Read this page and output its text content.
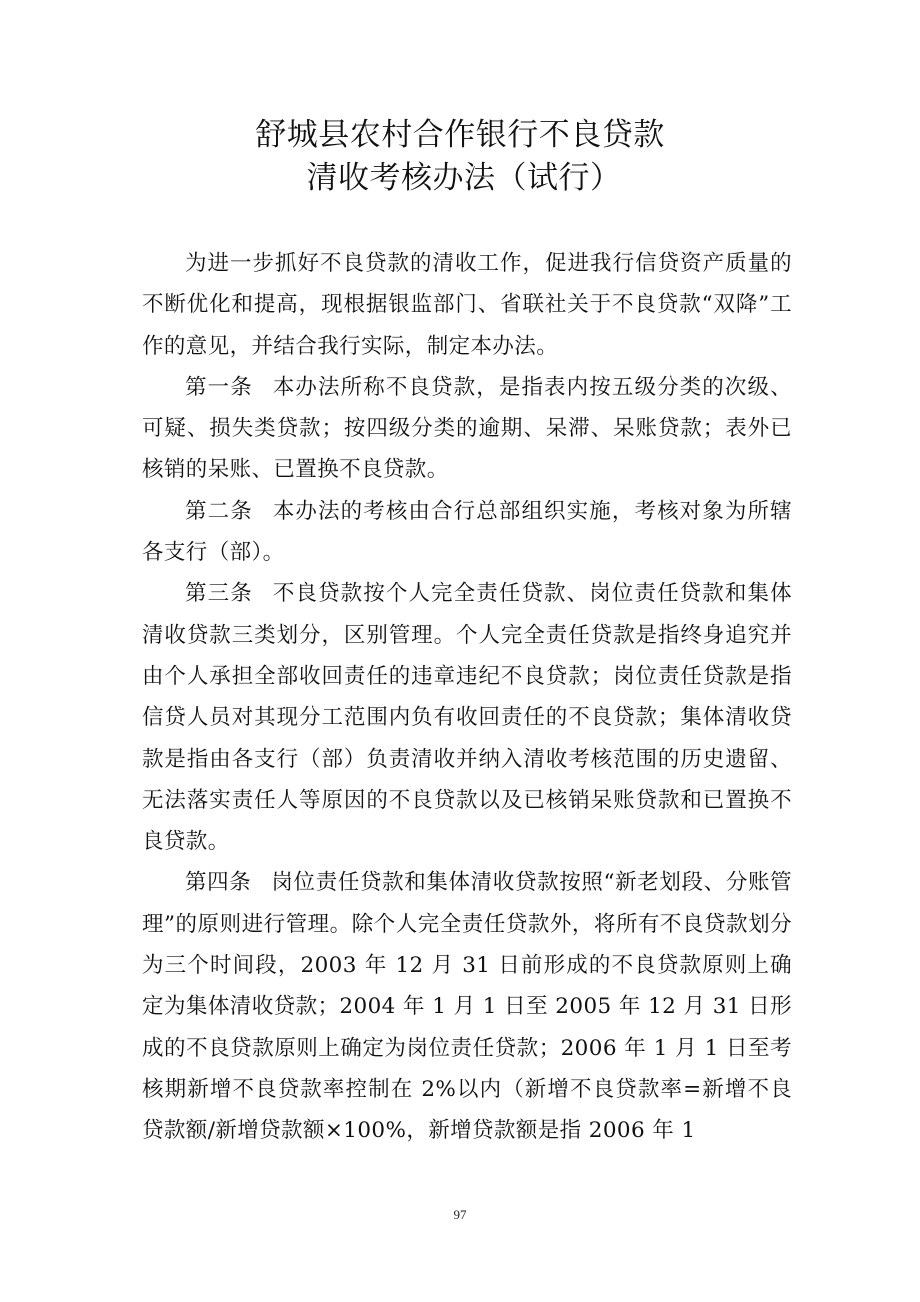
舒城县农村合作银行不良贷款
清收考核办法（试行）

为进一步抓好不良贷款的清收工作，促进我行信贷资产质量的不断优化和提高，现根据银监部门、省联社关于不良贷款“双降”工作的意见，并结合我行实际，制定本办法。

第一条 本办法所称不良贷款，是指表内按五级分类的次级、可疑、损失类贷款；按四级分类的逾期、呆滞、呆账贷款；表外已核销的呆账、已置换不良贷款。

第二条 本办法的考核由合行总部组织实施，考核对象为所辖各支行（部）。

第三条 不良贷款按个人完全责任贷款、岗位责任贷款和集体清收贷款三类划分，区别管理。个人完全责任贷款是指终身追究并由个人承担全部收回责任的违章违纪不良贷款；岗位责任贷款是指信贷人员对其现分工范围内负有收回责任的不良贷款；集体清收贷款是指由各支行（部）负责清收并纳入清收考核范围的历史遗留、无法落实责任人等原因的不良贷款以及已核销呆账贷款和已置换不良贷款。

第四条 岗位责任贷款和集体清收贷款按照“新老划段、分账管理”的原则进行管理。除个人完全责任贷款外，将所有不良贷款划分为三个时间段，2003 年 12 月 31 日前形成的不良贷款原则上确定为集体清收贷款；2004 年 1 月 1 日至 2005 年 12 月 31 日形成的不良贷款原则上确定为岗位责任贷款；2006 年 1 月 1 日至考核期新增不良贷款率控制在 2%以内（新增不良贷款率=新增不良贷款额/新增贷款额×100%，新增贷款额是指 2006 年 1

97
